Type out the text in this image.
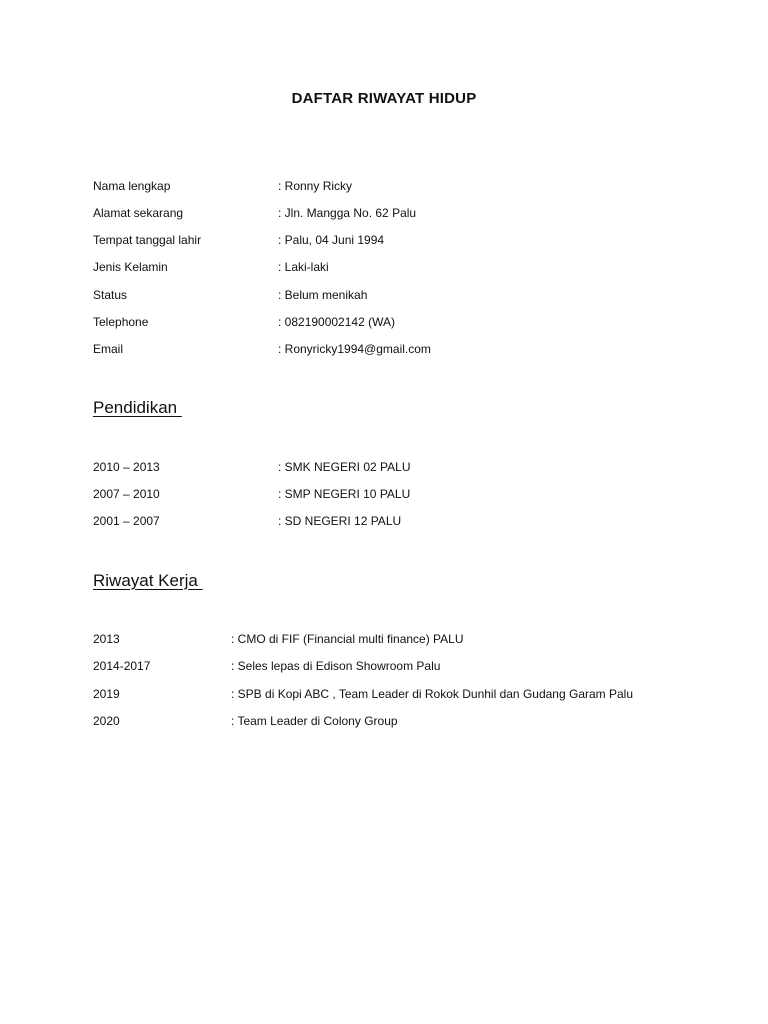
DAFTAR RIWAYAT HIDUP
Nama lengkap	: Ronny Ricky
Alamat sekarang	: Jln. Mangga No. 62 Palu
Tempat tanggal lahir	: Palu, 04 Juni 1994
Jenis Kelamin	: Laki-laki
Status	: Belum menikah
Telephone	: 082190002142 (WA)
Email	: Ronyricky1994@gmail.com
Pendidikan
2010 – 2013	: SMK NEGERI 02 PALU
2007 – 2010	: SMP NEGERI 10 PALU
2001 – 2007	: SD NEGERI 12 PALU
Riwayat Kerja
2013	: CMO di FIF (Financial multi finance) PALU
2014-2017	: Seles lepas di Edison Showroom Palu
2019	: SPB di Kopi ABC , Team Leader di Rokok Dunhil dan Gudang Garam Palu
2020	: Team Leader di Colony Group
